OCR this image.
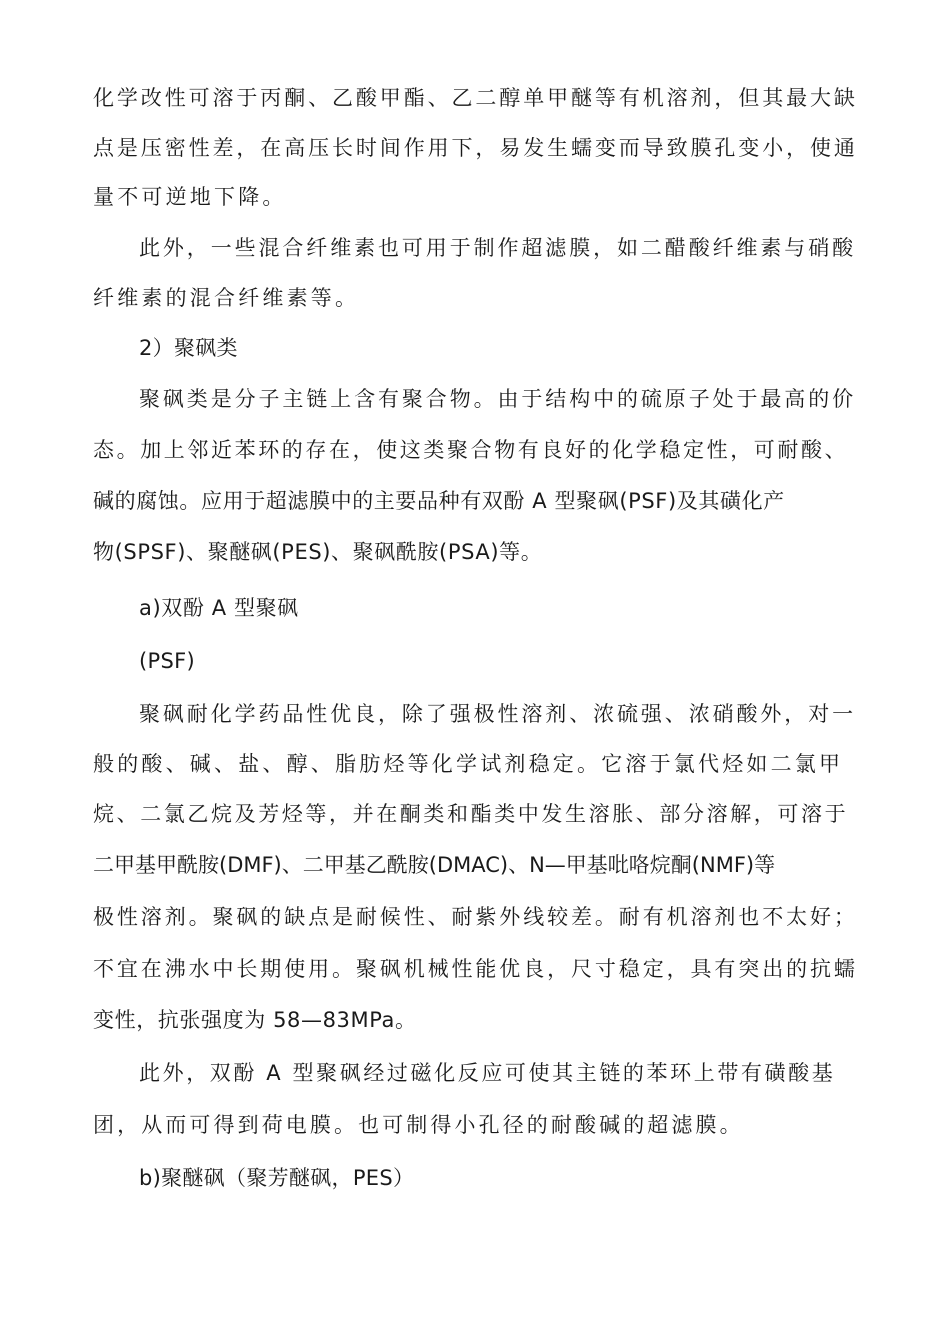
化学改性可溶于丙酮、乙酸甲酯、乙二醇单甲醚等有机溶剂，但其最大缺
点是压密性差，在高压长时间作用下，易发生蠕变而导致膜孔变小，使通
量不可逆地下降。
此外，一些混合纤维素也可用于制作超滤膜，如二醋酸纤维素与硝酸
纤维素的混合纤维素等。
2）聚砜类
聚砜类是分子主链上含有聚合物。由于结构中的硫原子处于最高的价
态。加上邻近苯环的存在，使这类聚合物有良好的化学稳定性，可耐酸、
碱的腐蚀。应用于超滤膜中的主要品种有双酚 A 型聚砜(PSF)及其磺化产
物(SPSF)、聚醚砜(PES)、聚砜酰胺(PSA)等。
a)双酚 A 型聚砜
(PSF)
聚砜耐化学药品性优良，除了强极性溶剂、浓硫强、浓硝酸外，对一
般的酸、碱、盐、醇、脂肪烃等化学试剂稳定。它溶于氯代烃如二氯甲
烷、二氯乙烷及芳烃等，并在酮类和酯类中发生溶胀、部分溶解，可溶于
二甲基甲酰胺(DMF)、二甲基乙酰胺(DMAC)、N—甲基吡咯烷酮(NMF)等
极性溶剂。聚砜的缺点是耐候性、耐紫外线较差。耐有机溶剂也不太好；
不宜在沸水中长期使用。聚砜机械性能优良，尺寸稳定，具有突出的抗蠕
变性，抗张强度为 58—83MPa。
此外，双酚 A 型聚砜经过磁化反应可使其主链的苯环上带有磺酸基
团，从而可得到荷电膜。也可制得小孔径的耐酸碱的超滤膜。
b)聚醚砜（聚芳醚砜，PES）
